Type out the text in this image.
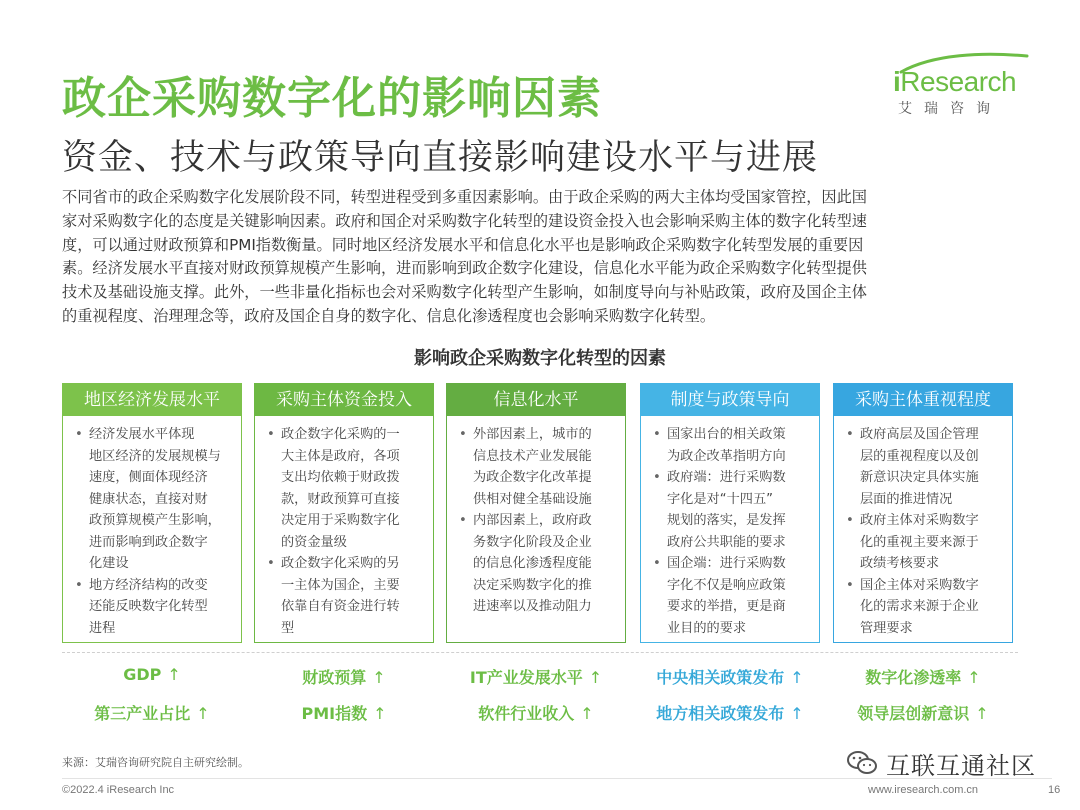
政企采购数字化的影响因素
资金、技术与政策导向直接影响建设水平与进展
iResearch
艾瑞咨询
不同省市的政企采购数字化发展阶段不同，转型进程受到多重因素影响。由于政企采购的两大主体均受国家管控，因此国
家对采购数字化的态度是关键影响因素。政府和国企对采购数字化转型的建设资金投入也会影响采购主体的数字化转型速
度，可以通过财政预算和PMI指数衡量。同时地区经济发展水平和信息化水平也是影响政企采购数字化转型发展的重要因
素。经济发展水平直接对财政预算规模产生影响，进而影响到政企数字化建设，信息化水平能为政企采购数字化转型提供
技术及基础设施支撑。此外，一些非量化指标也会对采购数字化转型产生影响，如制度导向与补贴政策，政府及国企主体
的重视程度、治理理念等，政府及国企自身的数字化、信息化渗透程度也会影响采购数字化转型。
影响政企采购数字化转型的因素
地区经济发展水平
• 经济发展水平体现
地区经济的发展规模与
速度，侧面体现经济
健康状态，直接对财
政预算规模产生影响，
进而影响到政企数字
化建设
• 地方经济结构的改变
还能反映数字化转型
进程
采购主体资金投入
• 政企数字化采购的一
大主体是政府，各项
支出均依赖于财政拨
款，财政预算可直接
决定用于采购数字化
的资金量级
• 政企数字化采购的另
一主体为国企，主要
依靠自有资金进行转
型
信息化水平
• 外部因素上，城市的
信息技术产业发展能
为政企数字化改革提
供相对健全基础设施
• 内部因素上，政府政
务数字化阶段及企业
的信息化渗透程度能
决定采购数字化的推
进速率以及推动阻力
制度与政策导向
• 国家出台的相关政策
为政企改革指明方向
• 政府端：进行采购数
字化是对“十四五”
规划的落实，是发挥
政府公共职能的要求
• 国企端：进行采购数
字化不仅是响应政策
要求的举措，更是商
业目的的要求
采购主体重视程度
• 政府高层及国企管理
层的重视程度以及创
新意识决定具体实施
层面的推进情况
• 政府主体对采购数字
化的重视主要来源于
政绩考核要求
• 国企主体对采购数字
化的需求来源于企业
管理要求
GDP ↑
第三产业占比 ↑
财政预算 ↑
PMI指数 ↑
IT产业发展水平 ↑
软件行业收入 ↑
中央相关政策发布 ↑
地方相关政策发布 ↑
数字化渗透率 ↑
领导层创新意识 ↑
来源：艾瑞咨询研究院自主研究绘制。
©2022.4 iResearch Inc	www.iresearch.com.cn	16
互联互通社区
